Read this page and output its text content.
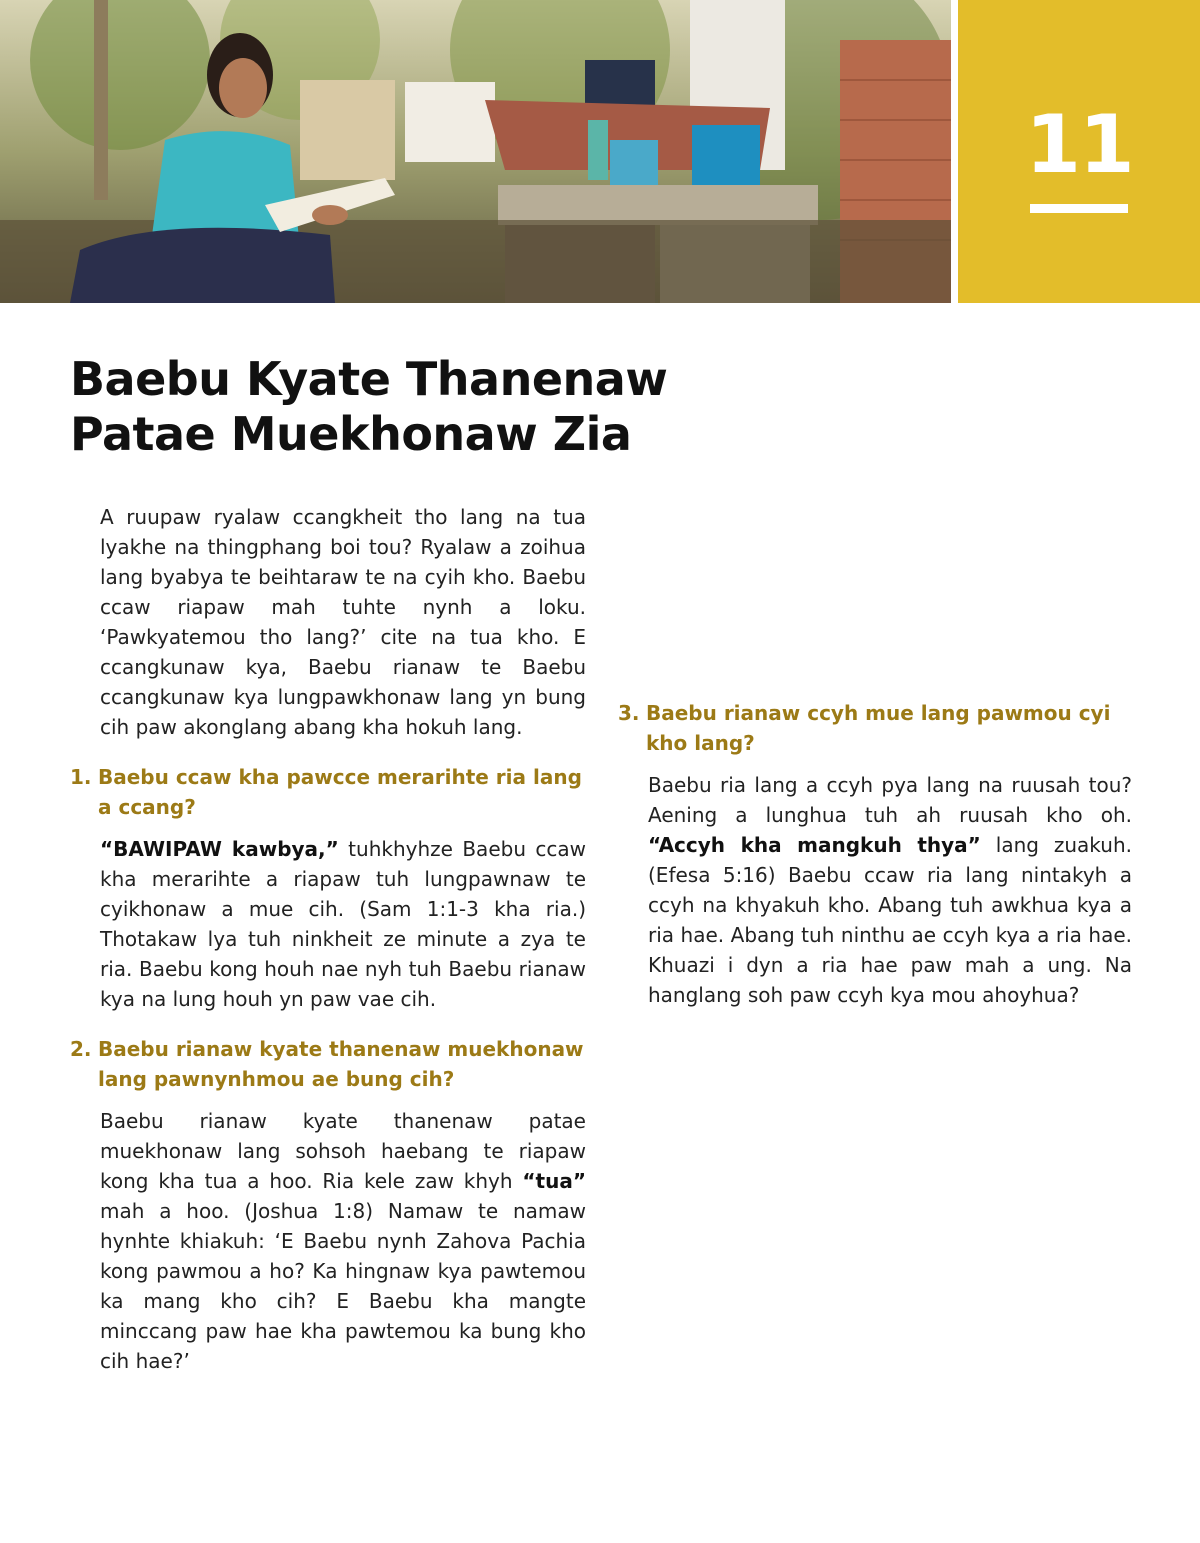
11
Baebu Kyate Thanenaw
Patae Muekhonaw Zia

A ruupaw ryalaw ccangkheit tho lang na tua lyakhe na thingphang boi tou? Ryalaw a zoihua lang byabya te beihtaraw te na cyih kho. Baebu ccaw riapaw mah tuhte nynh a loku. ‘Pawkyatemou tho lang?’ cite na tua kho. E ccangkunaw kya, Baebu rianaw te Baebu ccangkunaw kya lungpawkhonaw lang yn bung cih paw akonglang abang kha hokuh lang.

1. Baebu ccaw kha pawcce merarihte ria lang a ccang?

“BAWIPAW kawbya,” tuhkhyhze Baebu ccaw kha merarihte a riapaw tuh lungpawnaw te cyikhonaw a mue cih. (Sam 1:1-3 kha ria.) Thotakaw lya tuh ninkheit ze minute a zya te ria. Baebu kong houh nae nyh tuh Baebu rianaw kya na lung houh yn paw vae cih.

2. Baebu rianaw kyate thanenaw muekhonaw lang pawnynhmou ae bung cih?

Baebu rianaw kyate thanenaw patae muekhonaw lang sohsoh haebang te riapaw kong kha tua a hoo. Ria kele zaw khyh “tua” mah a hoo. (Joshua 1:8) Namaw te namaw hynhte khiakuh: ‘E Baebu nynh Zahova Pachia kong pawmou a ho? Ka hingnaw kya pawtemou ka mang kho cih? E Baebu kha mangte minccang paw hae kha pawtemou ka bung kho cih hae?’

3. Baebu rianaw ccyh mue lang pawmou cyi kho lang?

Baebu ria lang a ccyh pya lang na ruusah tou? Aening a lunghua tuh ah ruusah kho oh. “Accyh kha mangkuh thya” lang zuakuh. (Efesa 5:16) Baebu ccaw ria lang nintakyh a ccyh na khyakuh kho. Abang tuh awkhua kya a ria hae. Abang tuh ninthu ae ccyh kya a ria hae. Khuazi i dyn a ria hae paw mah a ung. Na hanglang soh paw ccyh kya mou ahoyhua?
